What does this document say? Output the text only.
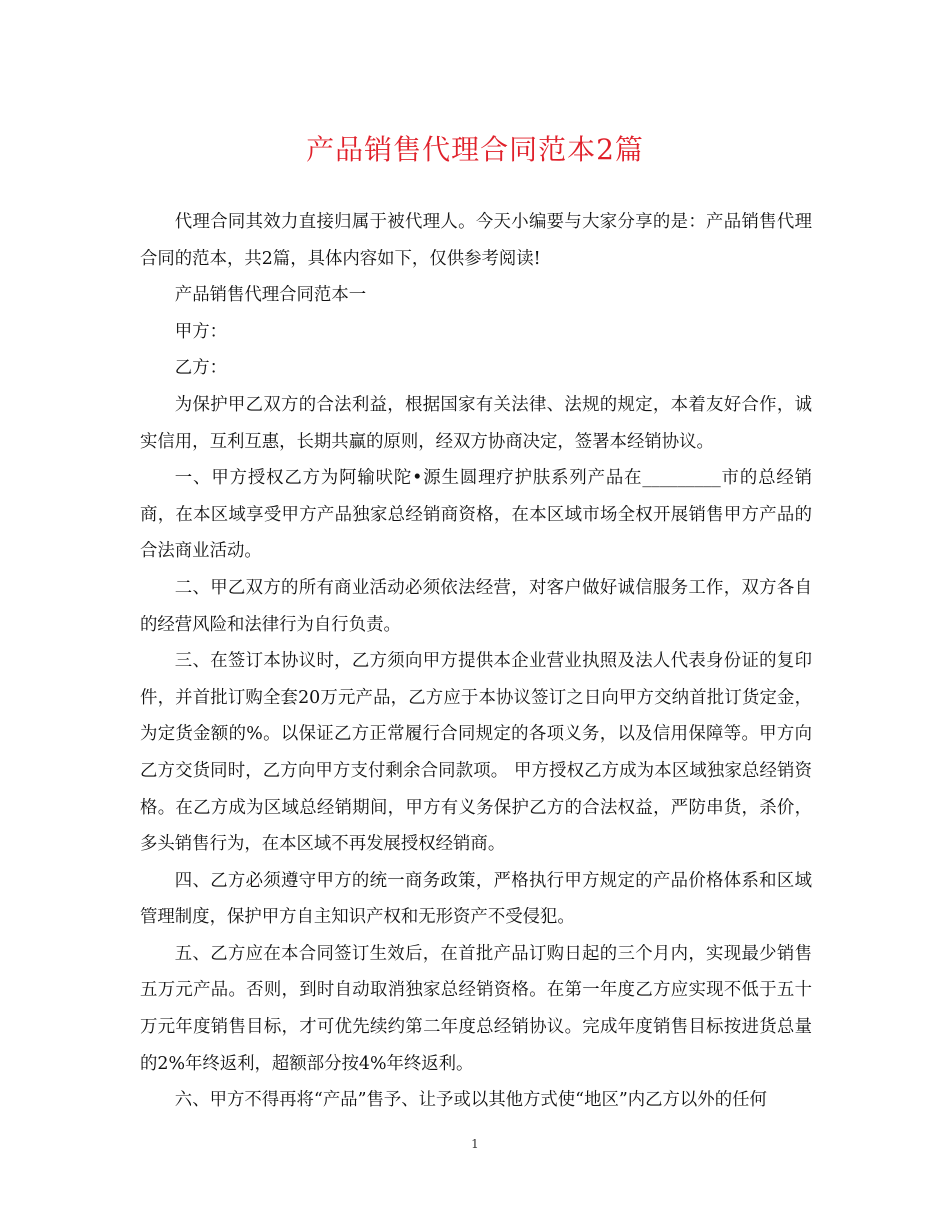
产品销售代理合同范本2篇

代理合同其效力直接归属于被代理人。今天小编要与大家分享的是：产品销售代理合同的范本，共2篇，具体内容如下，仅供参考阅读!

产品销售代理合同范本一

甲方：

乙方：

为保护甲乙双方的合法利益，根据国家有关法律、法规的规定，本着友好合作，诚实信用，互利互惠，长期共赢的原则，经双方协商决定，签署本经销协议。

一、甲方授权乙方为阿输吠陀•源生圆理疗护肤系列产品在_________市的总经销商，在本区域享受甲方产品独家总经销商资格，在本区域市场全权开展销售甲方产品的合法商业活动。

二、甲乙双方的所有商业活动必须依法经营，对客户做好诚信服务工作，双方各自的经营风险和法律行为自行负责。

三、在签订本协议时，乙方须向甲方提供本企业营业执照及法人代表身份证的复印件，并首批订购全套20万元产品，乙方应于本协议签订之日向甲方交纳首批订货定金，为定货金额的%。以保证乙方正常履行合同规定的各项义务，以及信用保障等。甲方向乙方交货同时，乙方向甲方支付剩余合同款项。 甲方授权乙方成为本区域独家总经销资格。在乙方成为区域总经销期间，甲方有义务保护乙方的合法权益，严防串货，杀价，多头销售行为，在本区域不再发展授权经销商。

四、乙方必须遵守甲方的统一商务政策，严格执行甲方规定的产品价格体系和区域管理制度，保护甲方自主知识产权和无形资产不受侵犯。

五、乙方应在本合同签订生效后，在首批产品订购日起的三个月内，实现最少销售五万元产品。否则，到时自动取消独家总经销资格。在第一年度乙方应实现不低于五十万元年度销售目标，才可优先续约第二年度总经销协议。完成年度销售目标按进货总量的2%年终返利，超额部分按4%年终返利。

六、甲方不得再将“产品”售予、让予或以其他方式使“地区”内乙方以外的任何

1
